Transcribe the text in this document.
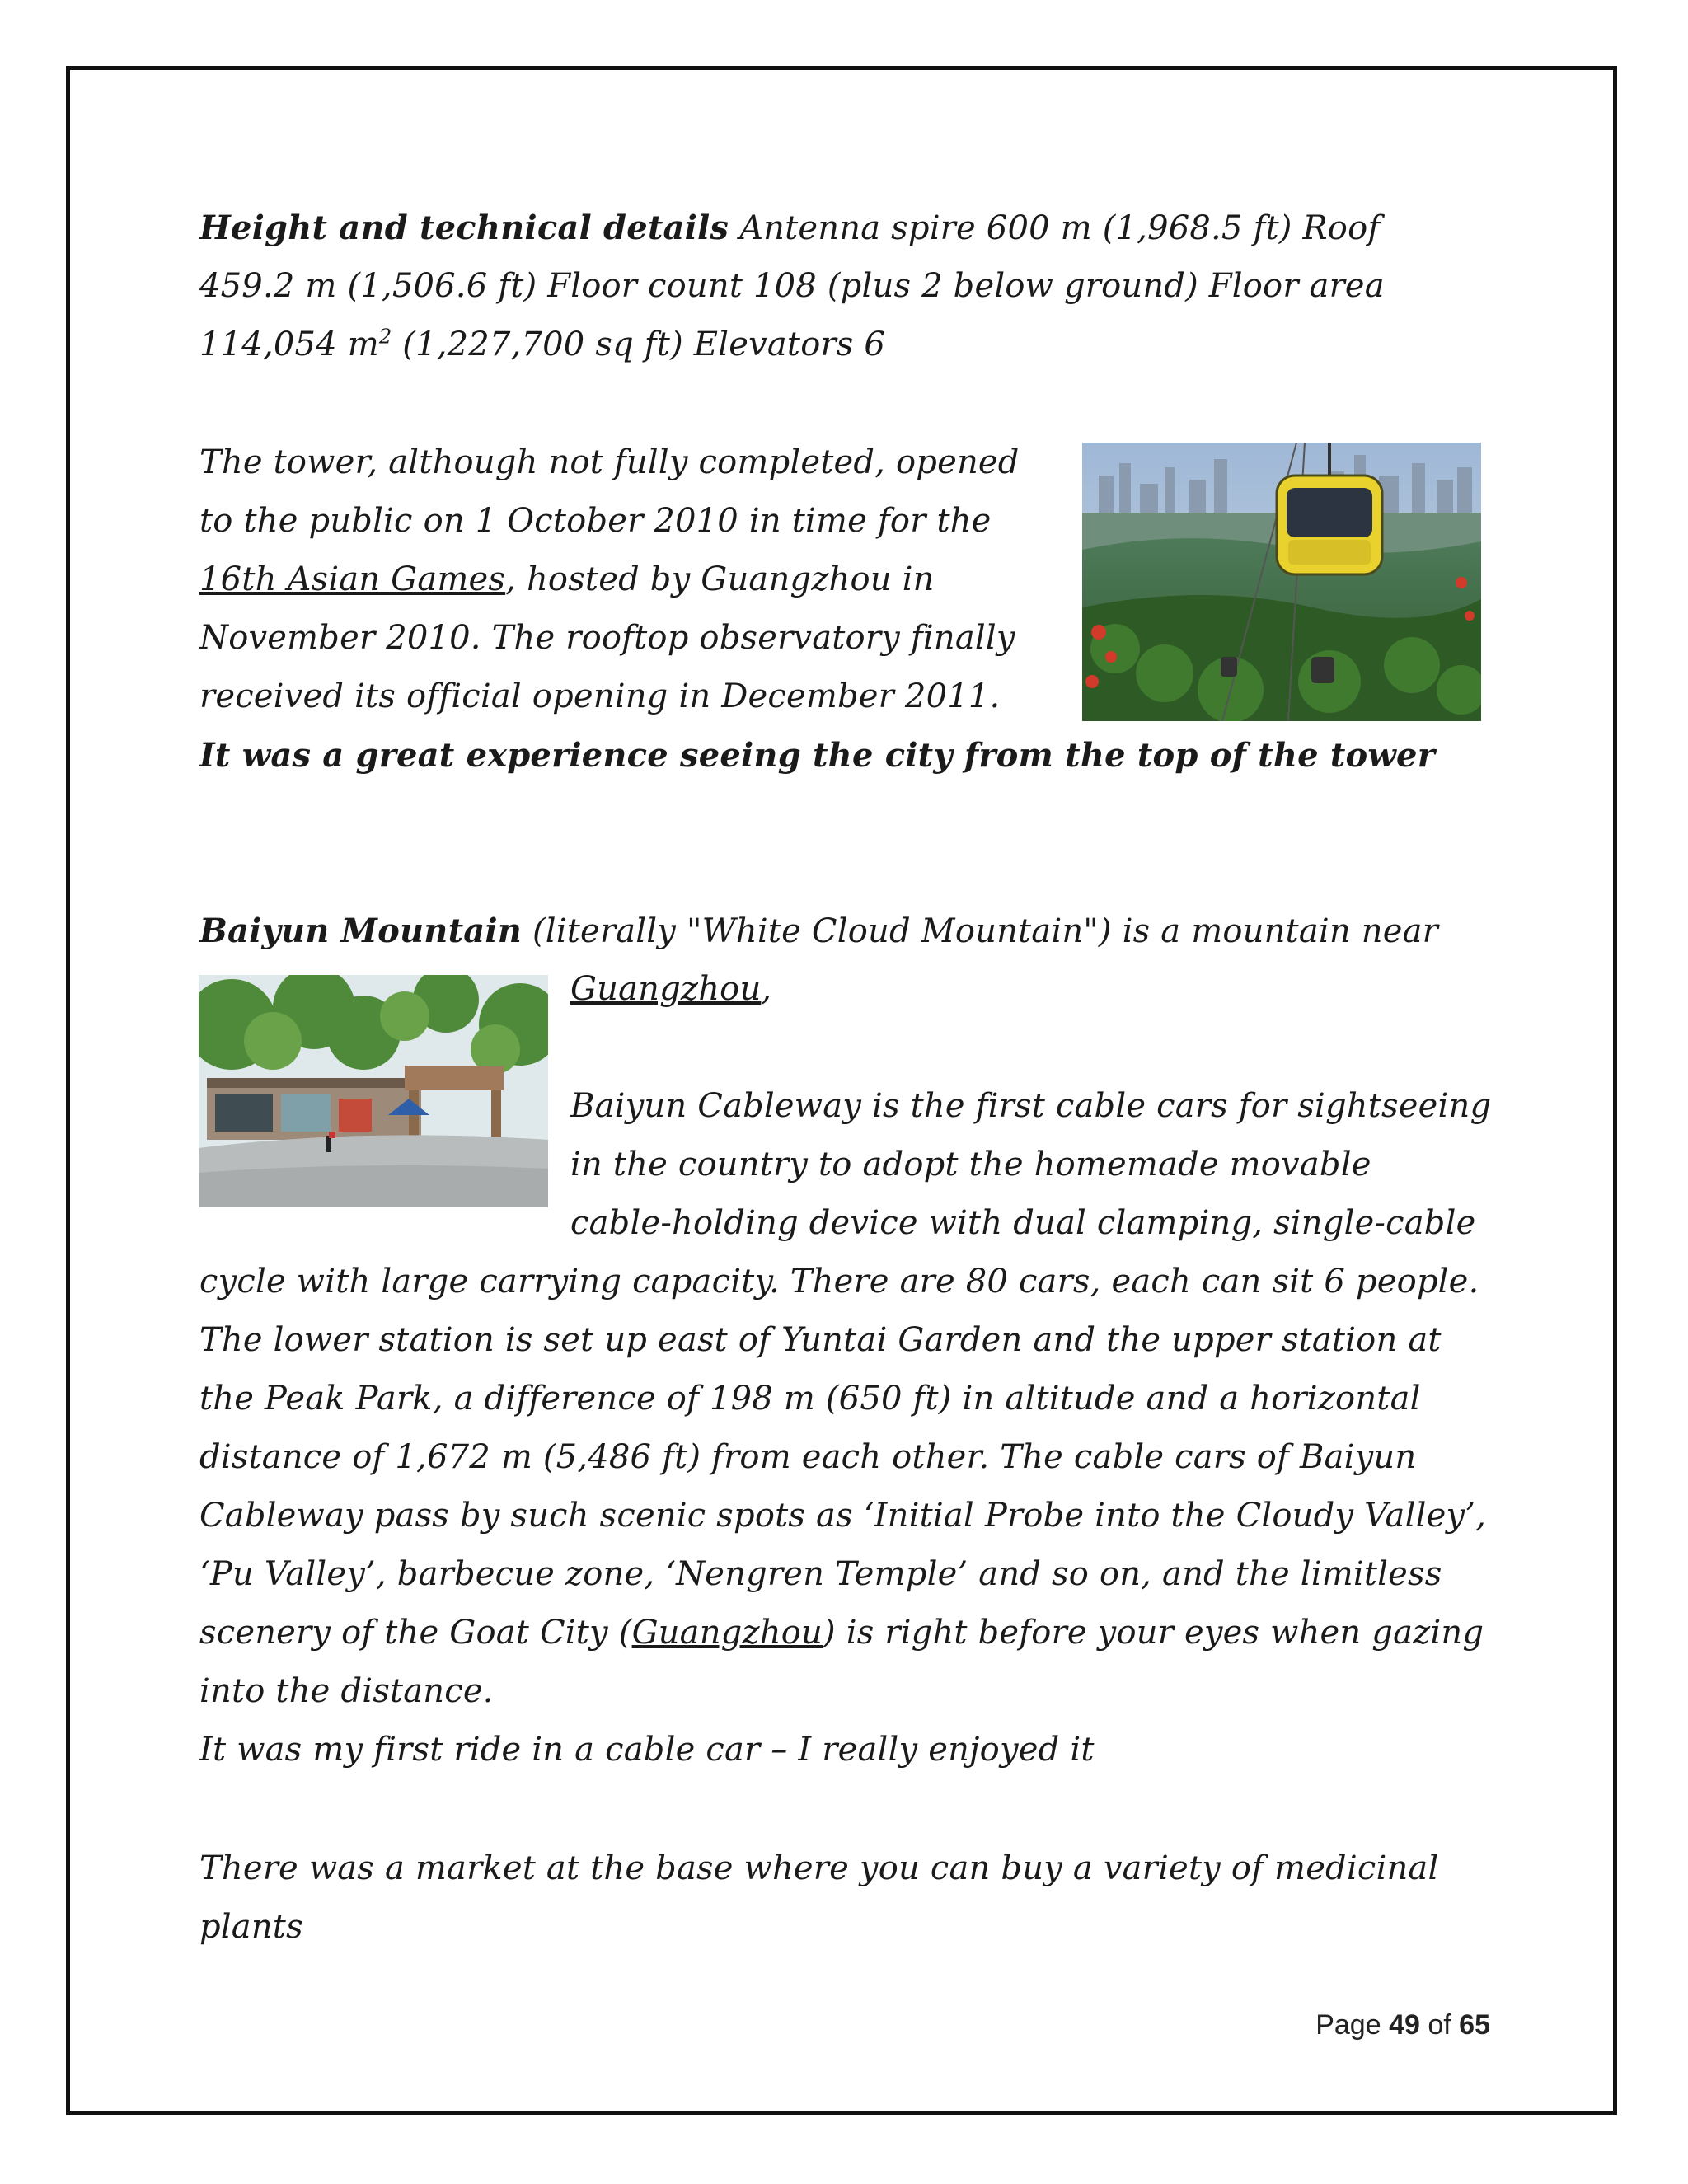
Height and technical details Antenna spire 600 m (1,968.5 ft) Roof
459.2 m (1,506.6 ft) Floor count 108 (plus 2 below ground) Floor area
114,054 $m^2$ (1,227,700 sq ft) Elevators 6
The tower, although not fully completed, opened
to the public on 1 October 2010 in time for the
16th Asian Games, hosted by Guangzhou in
November 2010. The rooftop observatory finally
received its official opening in December 2011.
It was a great experience seeing the city from the top of the tower
Baiyun Mountain (literally "White Cloud Mountain") is a mountain near
Guangzhou,
Baiyun Cableway is the first cable cars for sightseeing
in the country to adopt the homemade movable
cable-holding device with dual clamping, single-cable
cycle with large carrying capacity. There are 80 cars, each can sit 6 people.
The lower station is set up east of Yuntai Garden and the upper station at
the Peak Park, a difference of 198 m (650 ft) in altitude and a horizontal
distance of 1,672 m (5,486 ft) from each other. The cable cars of Baiyun
Cableway pass by such scenic spots as ‘Initial Probe into the Cloudy Valley’,
‘Pu Valley’, barbecue zone, ‘Nengren Temple’ and so on, and the limitless
scenery of the Goat City (Guangzhou) is right before your eyes when gazing
into the distance.
It was my first ride in a cable car – I really enjoyed it
There was a market at the base where you can buy a variety of medicinal
plants
Page 49 of 65
